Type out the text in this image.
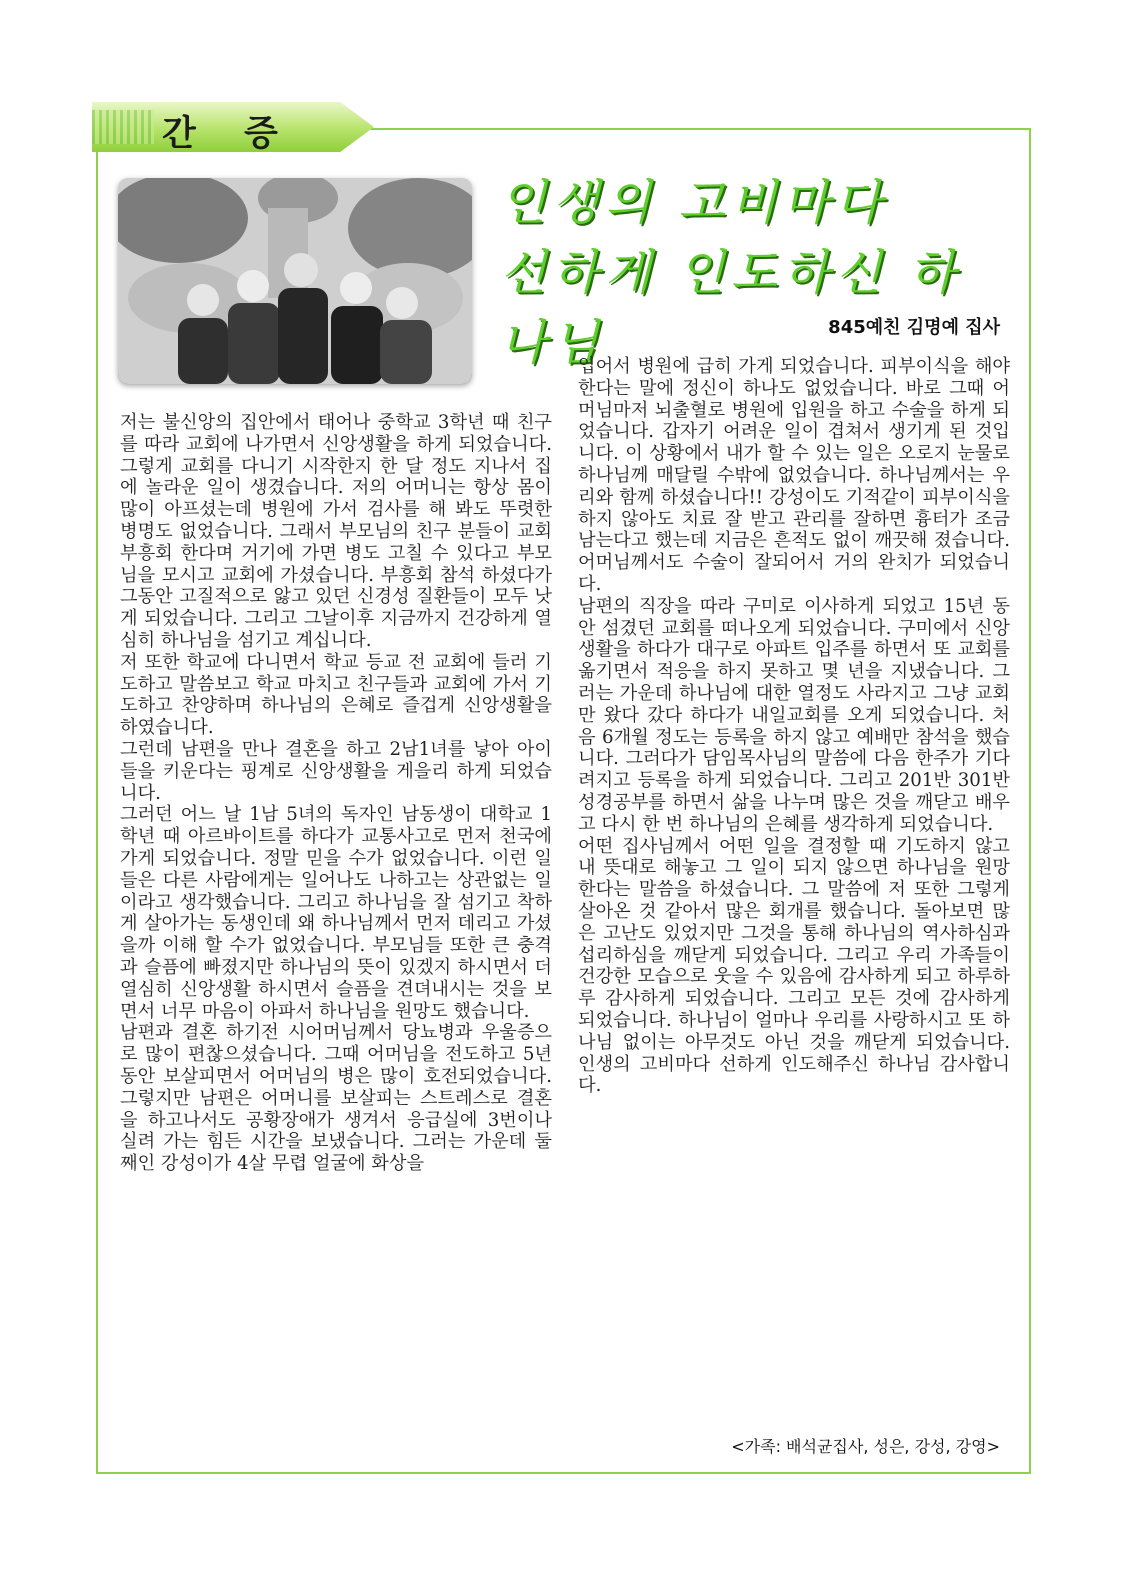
간 증
인생의 고비마다
선하게 인도하신 하나님	845예친 김명예 집사

저는 불신앙의 집안에서 태어나 중학교 3학년 때 친구를 따라 교회에 나가면서 신앙생활을 하게 되었습니다. 그렇게 교회를 다니기 시작한지 한 달 정도 지나서 집에 놀라운 일이 생겼습니다. 저의 어머니는 항상 몸이 많이 아프셨는데 병원에 가서 검사를 해 봐도 뚜렷한 병명도 없었습니다. 그래서 부모님의 친구 분들이 교회 부흥회 한다며 거기에 가면 병도 고칠 수 있다고 부모님을 모시고 교회에 가셨습니다. 부흥회 참석 하셨다가 그동안 고질적으로 앓고 있던 신경성 질환들이 모두 낫게 되었습니다. 그리고 그날이후 지금까지 건강하게 열심히 하나님을 섬기고 계십니다.

저 또한 학교에 다니면서 학교 등교 전 교회에 들러 기도하고 말씀보고 학교 마치고 친구들과 교회에 가서 기도하고 찬양하며 하나님의 은혜로 즐겁게 신앙생활을 하였습니다.

그런데 남편을 만나 결혼을 하고 2남1녀를 낳아 아이들을 키운다는 핑계로 신앙생활을 게을리 하게 되었습니다.

그러던 어느 날 1남 5녀의 독자인 남동생이 대학교 1학년 때 아르바이트를 하다가 교통사고로 먼저 천국에 가게 되었습니다. 정말 믿을 수가 없었습니다. 이런 일들은 다른 사람에게는 일어나도 나하고는 상관없는 일이라고 생각했습니다. 그리고 하나님을 잘 섬기고 착하게 살아가는 동생인데 왜 하나님께서 먼저 데리고 가셨을까 이해 할 수가 없었습니다. 부모님들 또한 큰 충격과 슬픔에 빠졌지만 하나님의 뜻이 있겠지 하시면서 더 열심히 신앙생활 하시면서 슬픔을 견뎌내시는 것을 보면서 너무 마음이 아파서 하나님을 원망도 했습니다.

남편과 결혼 하기전 시어머님께서 당뇨병과 우울증으로 많이 편찮으셨습니다. 그때 어머님을 전도하고 5년 동안 보살피면서 어머님의 병은 많이 호전되었습니다. 그렇지만 남편은 어머니를 보살피는 스트레스로 결혼을 하고나서도 공황장애가 생겨서 응급실에 3번이나 실려 가는 힘든 시간을 보냈습니다. 그러는 가운데 둘째인 강성이가 4살 무렵 얼굴에 화상을

입어서 병원에 급히 가게 되었습니다. 피부이식을 해야 한다는 말에 정신이 하나도 없었습니다. 바로 그때 어머님마저 뇌출혈로 병원에 입원을 하고 수술을 하게 되었습니다. 갑자기 어려운 일이 겹쳐서 생기게 된 것입니다. 이 상황에서 내가 할 수 있는 일은 오로지 눈물로 하나님께 매달릴 수밖에 없었습니다. 하나님께서는 우리와 함께 하셨습니다!! 강성이도 기적같이 피부이식을 하지 않아도 치료 잘 받고 관리를 잘하면 흉터가 조금 남는다고 했는데 지금은 흔적도 없이 깨끗해 졌습니다. 어머님께서도 수술이 잘되어서 거의 완치가 되었습니다.

남편의 직장을 따라 구미로 이사하게 되었고 15년 동안 섬겼던 교회를 떠나오게 되었습니다. 구미에서 신앙생활을 하다가 대구로 아파트 입주를 하면서 또 교회를 옮기면서 적응을 하지 못하고 몇 년을 지냈습니다. 그러는 가운데 하나님에 대한 열정도 사라지고 그냥 교회만 왔다 갔다 하다가 내일교회를 오게 되었습니다. 처음 6개월 정도는 등록을 하지 않고 예배만 참석을 했습니다. 그러다가 담임목사님의 말씀에 다음 한주가 기다려지고 등록을 하게 되었습니다. 그리고 201반 301반 성경공부를 하면서 삶을 나누며 많은 것을 깨닫고 배우고 다시 한 번 하나님의 은혜를 생각하게 되었습니다.

어떤 집사님께서 어떤 일을 결정할 때 기도하지 않고 내 뜻대로 해놓고 그 일이 되지 않으면 하나님을 원망한다는 말씀을 하셨습니다. 그 말씀에 저 또한 그렇게 살아온 것 같아서 많은 회개를 했습니다. 돌아보면 많은 고난도 있었지만 그것을 통해 하나님의 역사하심과 섭리하심을 깨닫게 되었습니다. 그리고 우리 가족들이 건강한 모습으로 웃을 수 있음에 감사하게 되고 하루하루 감사하게 되었습니다. 그리고 모든 것에 감사하게 되었습니다. 하나님이 얼마나 우리를 사랑하시고 또 하나님 없이는 아무것도 아닌 것을 깨닫게 되었습니다. 인생의 고비마다 선하게 인도해주신 하나님 감사합니다.

<가족: 배석균집사, 성은, 강성, 강영>
